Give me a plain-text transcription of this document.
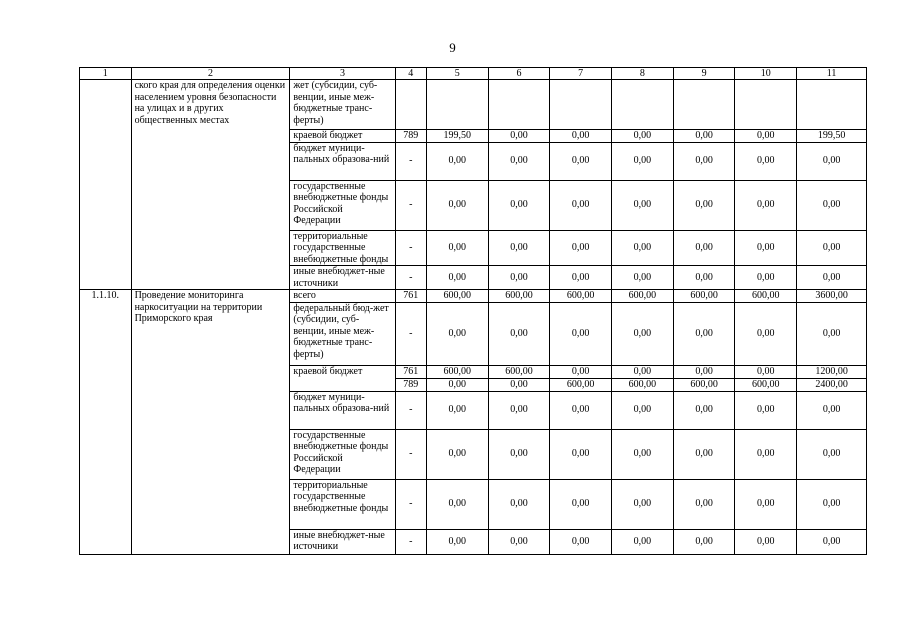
9
1	2	3	4	5	6	7	8	9	10	11
	ского края для определения оценки населением уровня безопасности на улицах и в других общественных местах	жет (субсидии, суб-венции, иные меж-бюджетные транс-ферты)								
		краевой бюджет	789	199,50	0,00	0,00	0,00	0,00	0,00	199,50
		бюджет муници-пальных образова-ний	-	0,00	0,00	0,00	0,00	0,00	0,00	0,00
		государственные внебюджетные фонды Российской Федерации	-	0,00	0,00	0,00	0,00	0,00	0,00	0,00
		территориальные государственные внебюджетные фонды	-	0,00	0,00	0,00	0,00	0,00	0,00	0,00
		иные внебюджет-ные источники	-	0,00	0,00	0,00	0,00	0,00	0,00	0,00
1.1.10.	Проведение мониторинга наркоситуации на территории Приморского края	всего	761	600,00	600,00	600,00	600,00	600,00	600,00	3600,00
		федеральный бюд-жет (субсидии, суб-венции, иные меж-бюджетные транс-ферты)	-	0,00	0,00	0,00	0,00	0,00	0,00	0,00
		краевой бюджет	761	600,00	600,00	0,00	0,00	0,00	0,00	1200,00
			789	0,00	0,00	600,00	600,00	600,00	600,00	2400,00
		бюджет муници-пальных образова-ний	-	0,00	0,00	0,00	0,00	0,00	0,00	0,00
		государственные внебюджетные фонды Российской Федерации	-	0,00	0,00	0,00	0,00	0,00	0,00	0,00
		территориальные государственные внебюджетные фонды	-	0,00	0,00	0,00	0,00	0,00	0,00	0,00
		иные внебюджет-ные источники	-	0,00	0,00	0,00	0,00	0,00	0,00	0,00
